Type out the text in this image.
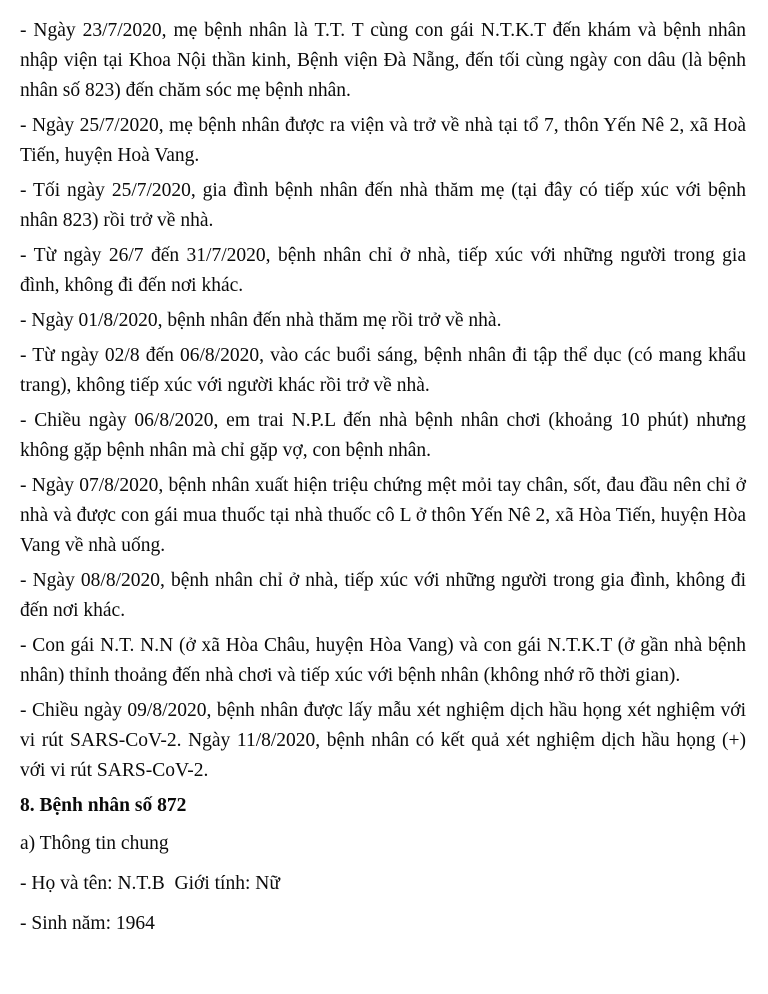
- Ngày 23/7/2020, mẹ bệnh nhân là T.T. T cùng con gái N.T.K.T đến khám và bệnh nhân nhập viện tại Khoa Nội thần kinh, Bệnh viện Đà Nẵng, đến tối cùng ngày con dâu (là bệnh nhân số 823) đến chăm sóc mẹ bệnh nhân.

- Ngày 25/7/2020, mẹ bệnh nhân được ra viện và trở về nhà tại tổ 7, thôn Yến Nê 2, xã Hoà Tiến, huyện Hoà Vang.

- Tối ngày 25/7/2020, gia đình bệnh nhân đến nhà thăm mẹ (tại đây có tiếp xúc với bệnh nhân 823) rồi trở về nhà.

- Từ ngày 26/7 đến 31/7/2020, bệnh nhân chỉ ở nhà, tiếp xúc với những người trong gia đình, không đi đến nơi khác.

- Ngày 01/8/2020, bệnh nhân đến nhà thăm mẹ rồi trở về nhà.

- Từ ngày 02/8 đến 06/8/2020, vào các buổi sáng, bệnh nhân đi tập thể dục (có mang khẩu trang), không tiếp xúc với người khác rồi trở về nhà.

- Chiều ngày 06/8/2020, em trai N.P.L đến nhà bệnh nhân chơi (khoảng 10 phút) nhưng không gặp bệnh nhân mà chỉ gặp vợ, con bệnh nhân.

- Ngày 07/8/2020, bệnh nhân xuất hiện triệu chứng mệt mỏi tay chân, sốt, đau đầu nên chỉ ở nhà và được con gái mua thuốc tại nhà thuốc cô L ở thôn Yến Nê 2, xã Hòa Tiến, huyện Hòa Vang về nhà uống.

- Ngày 08/8/2020, bệnh nhân chỉ ở nhà, tiếp xúc với những người trong gia đình, không đi đến nơi khác.

- Con gái N.T. N.N (ở xã Hòa Châu, huyện Hòa Vang) và con gái N.T.K.T (ở gần nhà bệnh nhân) thỉnh thoảng đến nhà chơi và tiếp xúc với bệnh nhân (không nhớ rõ thời gian).

- Chiều ngày 09/8/2020, bệnh nhân được lấy mẫu xét nghiệm dịch hầu họng xét nghiệm với vi rút SARS-CoV-2. Ngày 11/8/2020, bệnh nhân có kết quả xét nghiệm dịch hầu họng (+) với vi rút SARS-CoV-2.

8. Bệnh nhân số 872

a) Thông tin chung

- Họ và tên: N.T.B  Giới tính: Nữ

- Sinh năm: 1964
